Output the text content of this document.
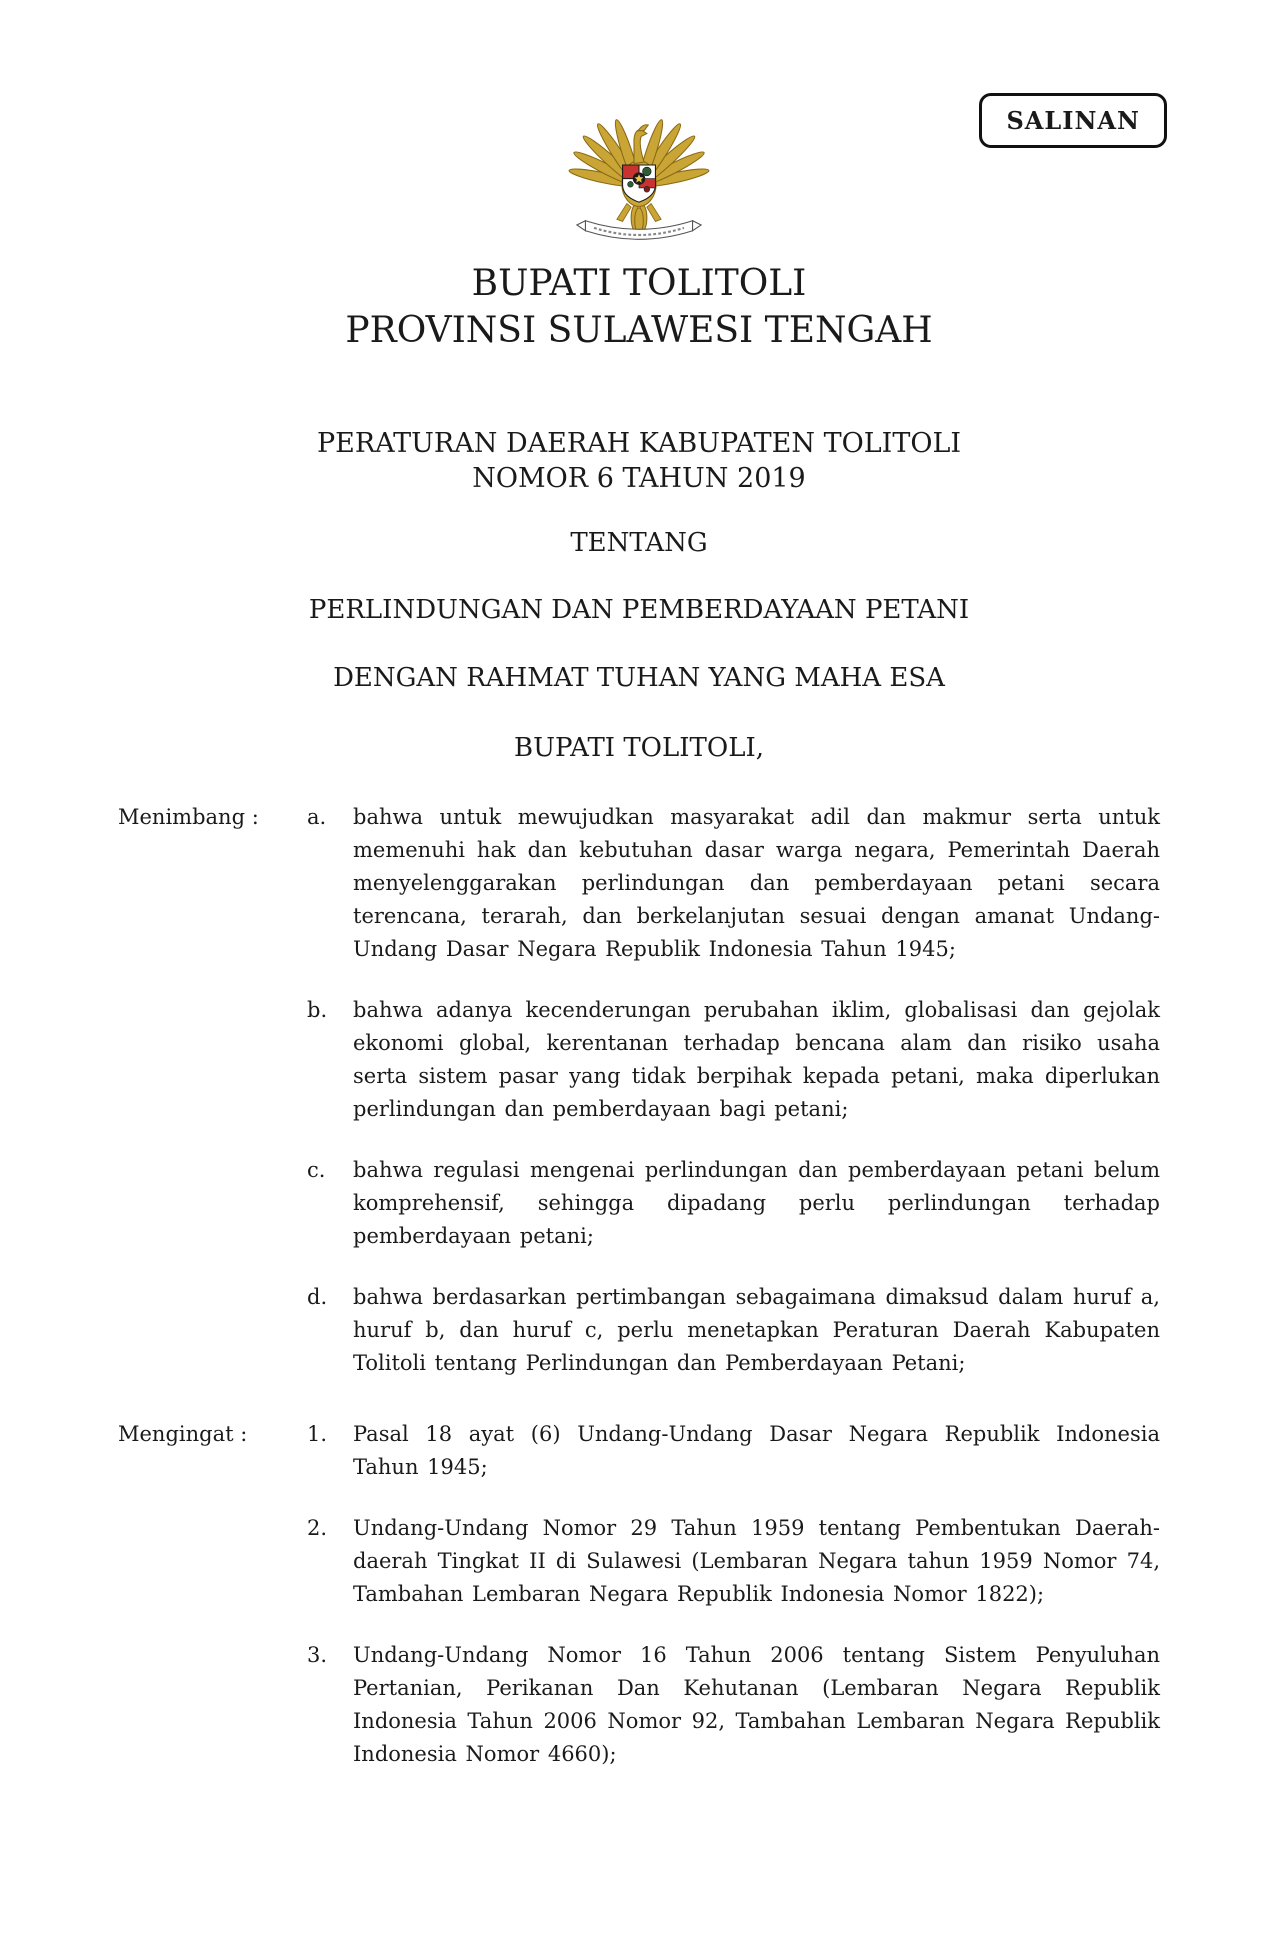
SALINAN
BUPATI TOLITOLI
PROVINSI SULAWESI TENGAH
PERATURAN DAERAH KABUPATEN TOLITOLI
NOMOR 6 TAHUN 2019
TENTANG
PERLINDUNGAN DAN PEMBERDAYAAN PETANI
DENGAN RAHMAT TUHAN YANG MAHA ESA
BUPATI TOLITOLI,
Menimbang : a.	bahwa untuk mewujudkan masyarakat adil dan makmur serta untuk memenuhi hak dan kebutuhan dasar warga negara, Pemerintah Daerah menyelenggarakan perlindungan dan pemberdayaan petani secara terencana, terarah, dan berkelanjutan sesuai dengan amanat Undang-Undang Dasar Negara Republik Indonesia Tahun 1945;
b.	bahwa adanya kecenderungan perubahan iklim, globalisasi dan gejolak ekonomi global, kerentanan terhadap bencana alam dan risiko usaha serta sistem pasar yang tidak berpihak kepada petani, maka diperlukan perlindungan dan pemberdayaan bagi petani;
c.	bahwa regulasi mengenai perlindungan dan pemberdayaan petani belum komprehensif, sehingga dipadang perlu perlindungan terhadap pemberdayaan petani;
d.	bahwa berdasarkan pertimbangan sebagaimana dimaksud dalam huruf a, huruf b, dan huruf c, perlu menetapkan Peraturan Daerah Kabupaten Tolitoli tentang Perlindungan dan Pemberdayaan Petani;
Mengingat :	1.	Pasal 18 ayat (6) Undang-Undang Dasar Negara Republik Indonesia Tahun 1945;
2.	Undang-Undang Nomor 29 Tahun 1959 tentang Pembentukan Daerah-daerah Tingkat II di Sulawesi (Lembaran Negara tahun 1959 Nomor 74, Tambahan Lembaran Negara Republik Indonesia Nomor 1822);
3.	Undang-Undang Nomor 16 Tahun 2006 tentang Sistem Penyuluhan Pertanian, Perikanan Dan Kehutanan (Lembaran Negara Republik Indonesia Tahun 2006 Nomor 92, Tambahan Lembaran Negara Republik Indonesia Nomor 4660);
